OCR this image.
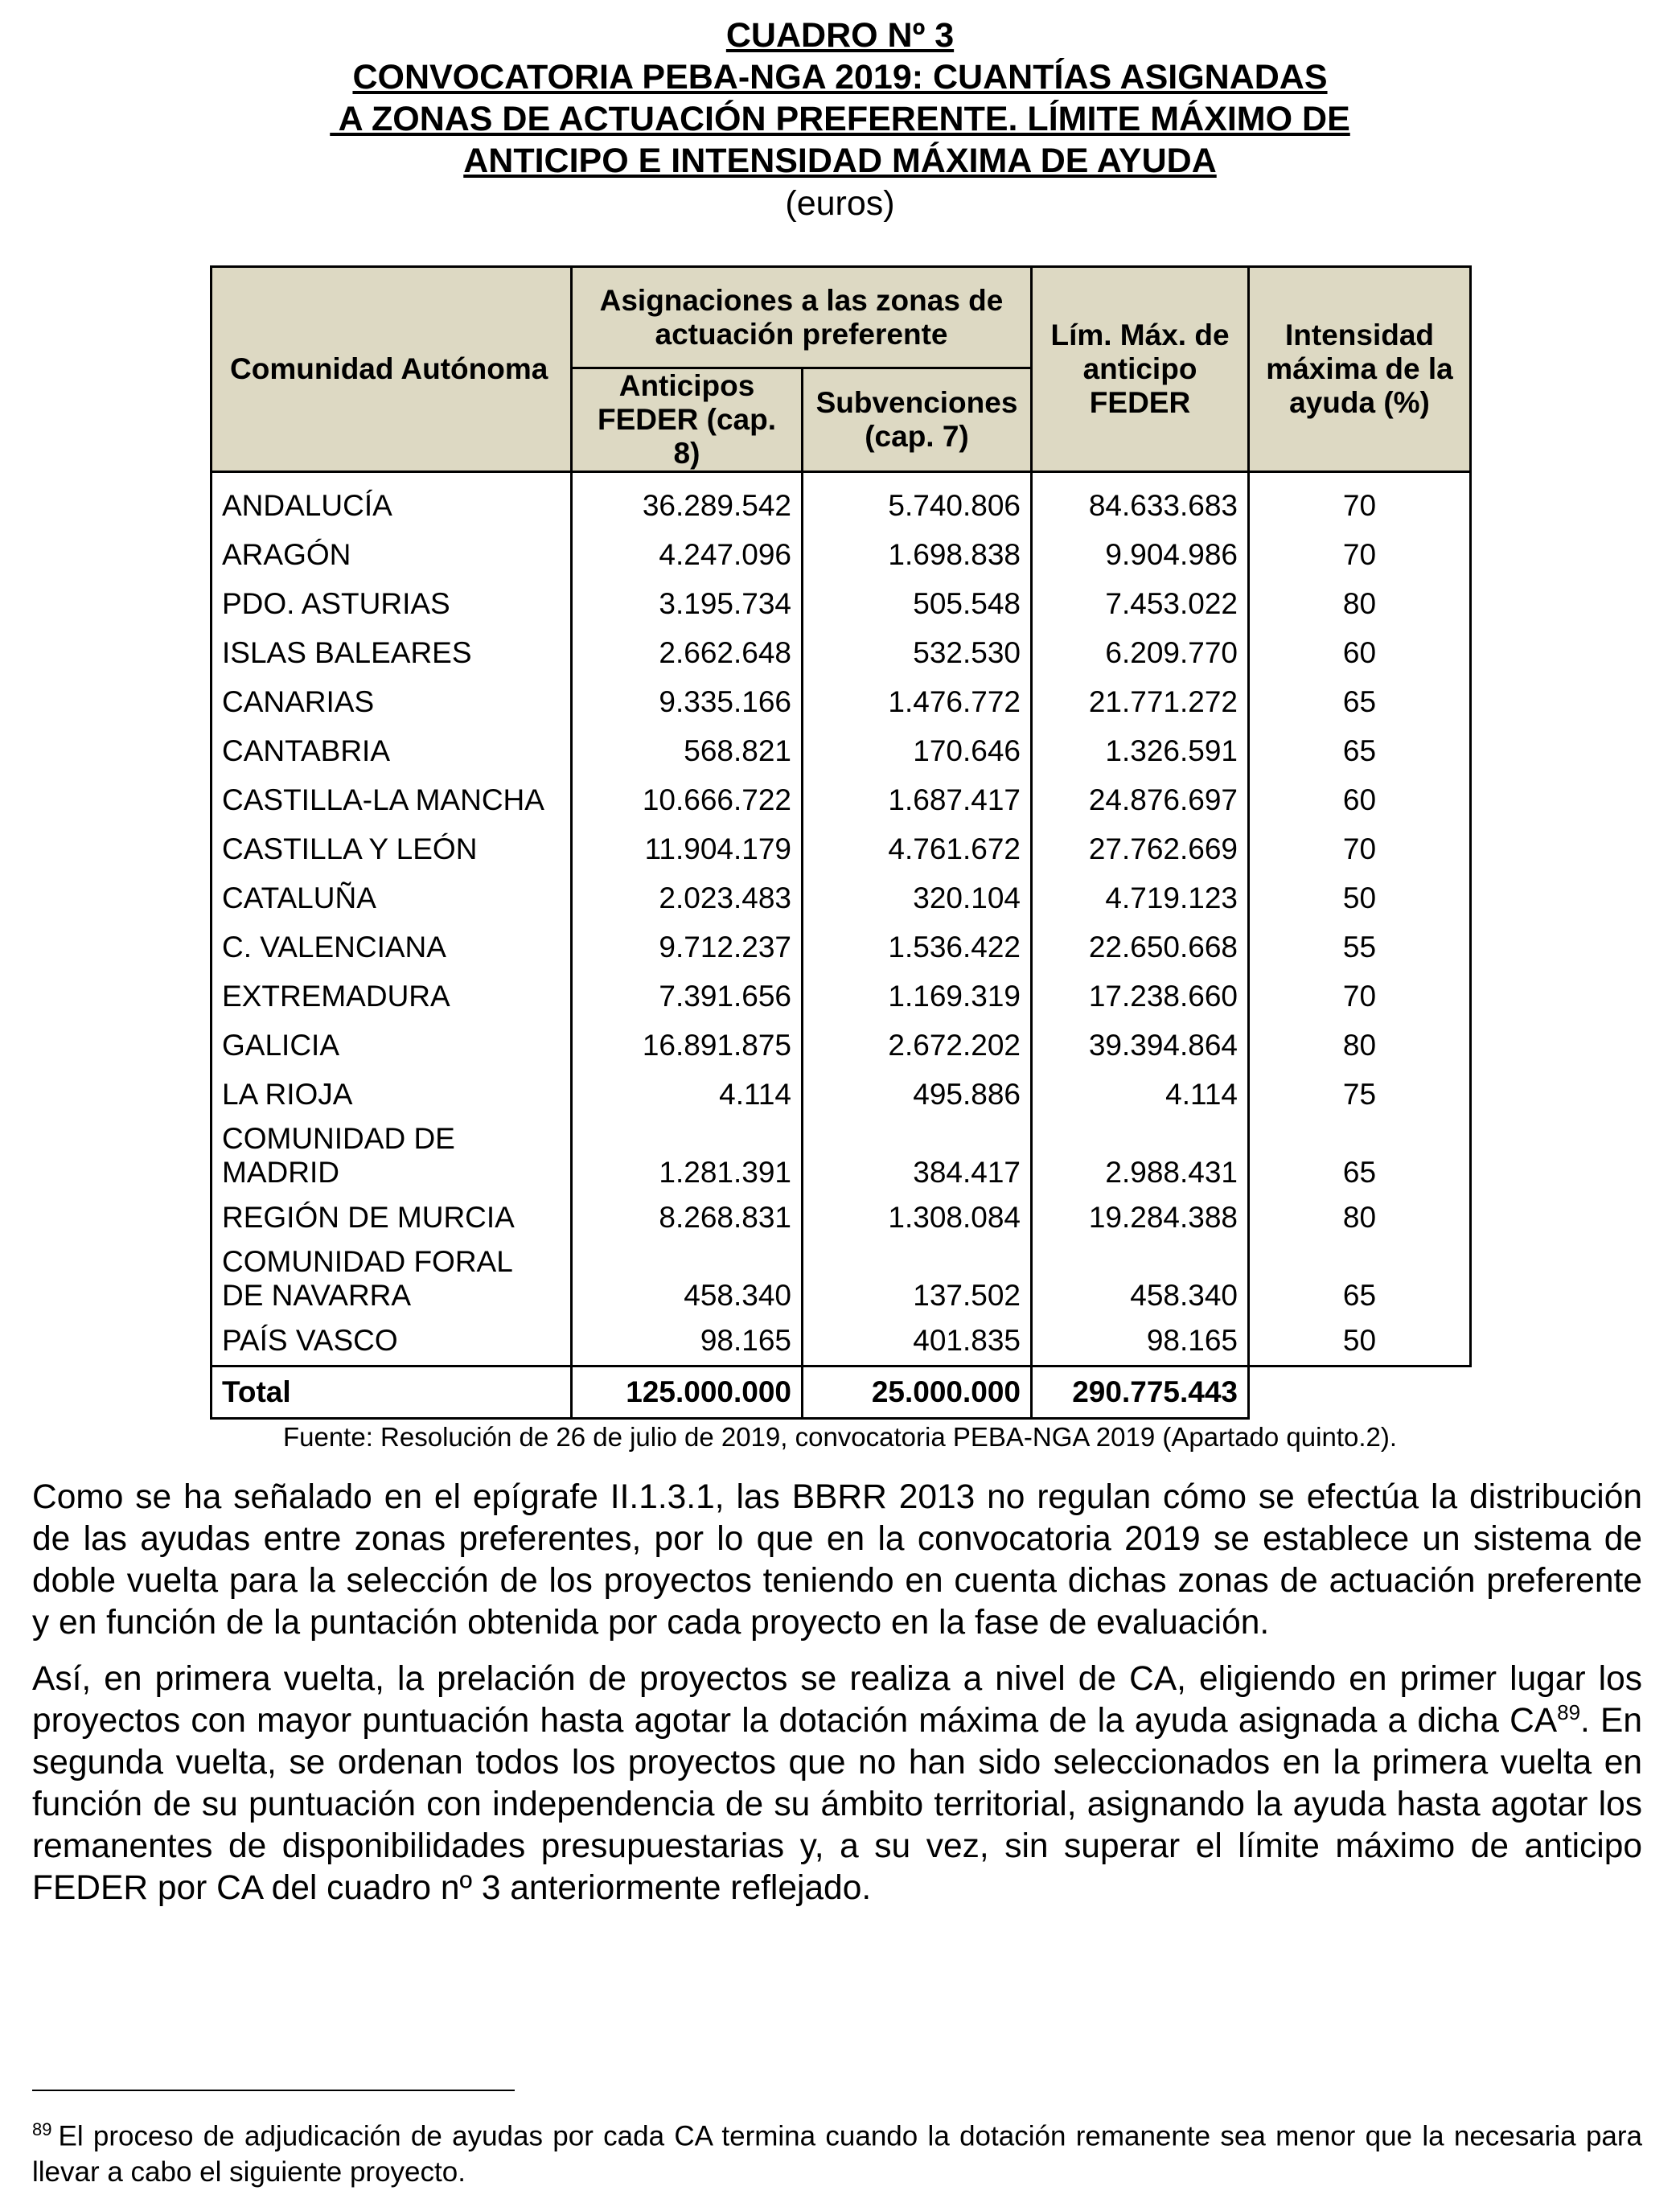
CUADRO Nº 3
CONVOCATORIA PEBA-NGA 2019: CUANTÍAS ASIGNADAS
A ZONAS DE ACTUACIÓN PREFERENTE. LÍMITE MÁXIMO DE
ANTICIPO E INTENSIDAD MÁXIMA DE AYUDA
(euros)
Comunidad Autónoma	Asignaciones a las zonas de actuación preferente		Lím. Máx. de anticipo FEDER	Intensidad máxima de la ayuda (%)
	Anticipos FEDER (cap. 8)	Subvenciones (cap. 7)		
ANDALUCÍA	36.289.542	5.740.806	84.633.683	70
ARAGÓN	4.247.096	1.698.838	9.904.986	70
PDO. ASTURIAS	3.195.734	505.548	7.453.022	80
ISLAS BALEARES	2.662.648	532.530	6.209.770	60
CANARIAS	9.335.166	1.476.772	21.771.272	65
CANTABRIA	568.821	170.646	1.326.591	65
CASTILLA-LA MANCHA	10.666.722	1.687.417	24.876.697	60
CASTILLA Y LEÓN	11.904.179	4.761.672	27.762.669	70
CATALUÑA	2.023.483	320.104	4.719.123	50
C. VALENCIANA	9.712.237	1.536.422	22.650.668	55
EXTREMADURA	7.391.656	1.169.319	17.238.660	70
GALICIA	16.891.875	2.672.202	39.394.864	80
LA RIOJA	4.114	495.886	4.114	75
COMUNIDAD DE MADRID	1.281.391	384.417	2.988.431	65
REGIÓN DE MURCIA	8.268.831	1.308.084	19.284.388	80
COMUNIDAD FORAL DE NAVARRA	458.340	137.502	458.340	65
PAÍS VASCO	98.165	401.835	98.165	50
Total	125.000.000	25.000.000	290.775.443	
Fuente: Resolución de 26 de julio de 2019, convocatoria PEBA-NGA 2019 (Apartado quinto.2).

Como se ha señalado en el epígrafe II.1.3.1, las BBRR 2013 no regulan cómo se efectúa la distribución de las ayudas entre zonas preferentes, por lo que en la convocatoria 2019 se establece un sistema de doble vuelta para la selección de los proyectos teniendo en cuenta dichas zonas de actuación preferente y en función de la puntación obtenida por cada proyecto en la fase de evaluación.

Así, en primera vuelta, la prelación de proyectos se realiza a nivel de CA, eligiendo en primer lugar los proyectos con mayor puntuación hasta agotar la dotación máxima de la ayuda asignada a dicha CA$^{89}$. En segunda vuelta, se ordenan todos los proyectos que no han sido seleccionados en la primera vuelta en función de su puntuación con independencia de su ámbito territorial, asignando la ayuda hasta agotar los remanentes de disponibilidades presupuestarias y, a su vez, sin superar el límite máximo de anticipo FEDER por CA del cuadro nº 3 anteriormente reflejado.

$^{89}$ El proceso de adjudicación de ayudas por cada CA termina cuando la dotación remanente sea menor que la necesaria para llevar a cabo el siguiente proyecto.
